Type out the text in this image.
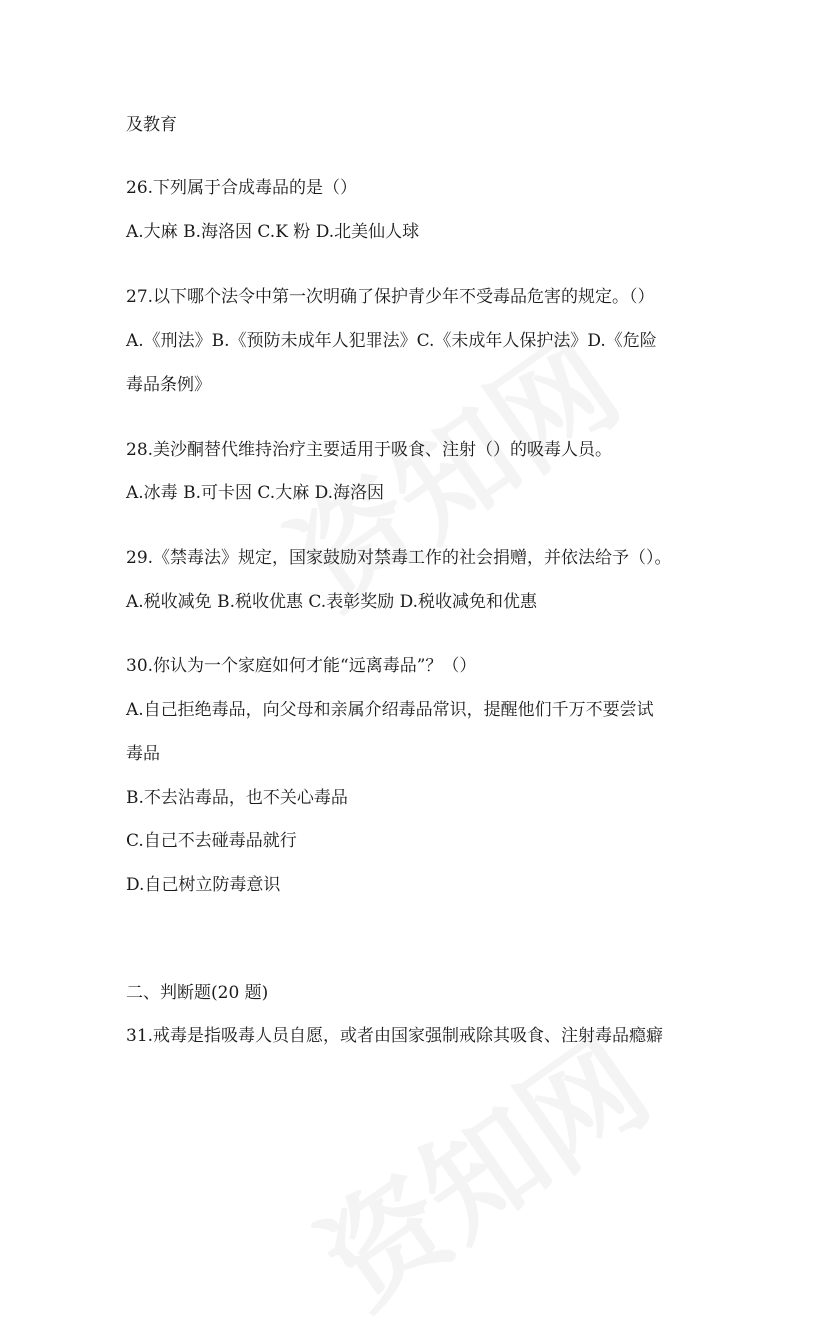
及教育
26.下列属于合成毒品的是（）
A.大麻 B.海洛因 C.K 粉 D.北美仙人球
27.以下哪个法令中第一次明确了保护青少年不受毒品危害的规定。（）
A.《刑法》B.《预防未成年人犯罪法》C.《未成年人保护法》D.《危险
毒品条例》
28.美沙酮替代维持治疗主要适用于吸食、注射（）的吸毒人员。
A.冰毒 B.可卡因 C.大麻 D.海洛因
29.《禁毒法》规定，国家鼓励对禁毒工作的社会捐赠，并依法给予（）。
A.税收减免 B.税收优惠 C.表彰奖励 D.税收减免和优惠
30.你认为一个家庭如何才能“远离毒品”？（）
A.自己拒绝毒品，向父母和亲属介绍毒品常识，提醒他们千万不要尝试
毒品
B.不去沾毒品，也不关心毒品
C.自己不去碰毒品就行
D.自己树立防毒意识
二、判断题(20 题)
31.戒毒是指吸毒人员自愿，或者由国家强制戒除其吸食、注射毒品瘾癖
